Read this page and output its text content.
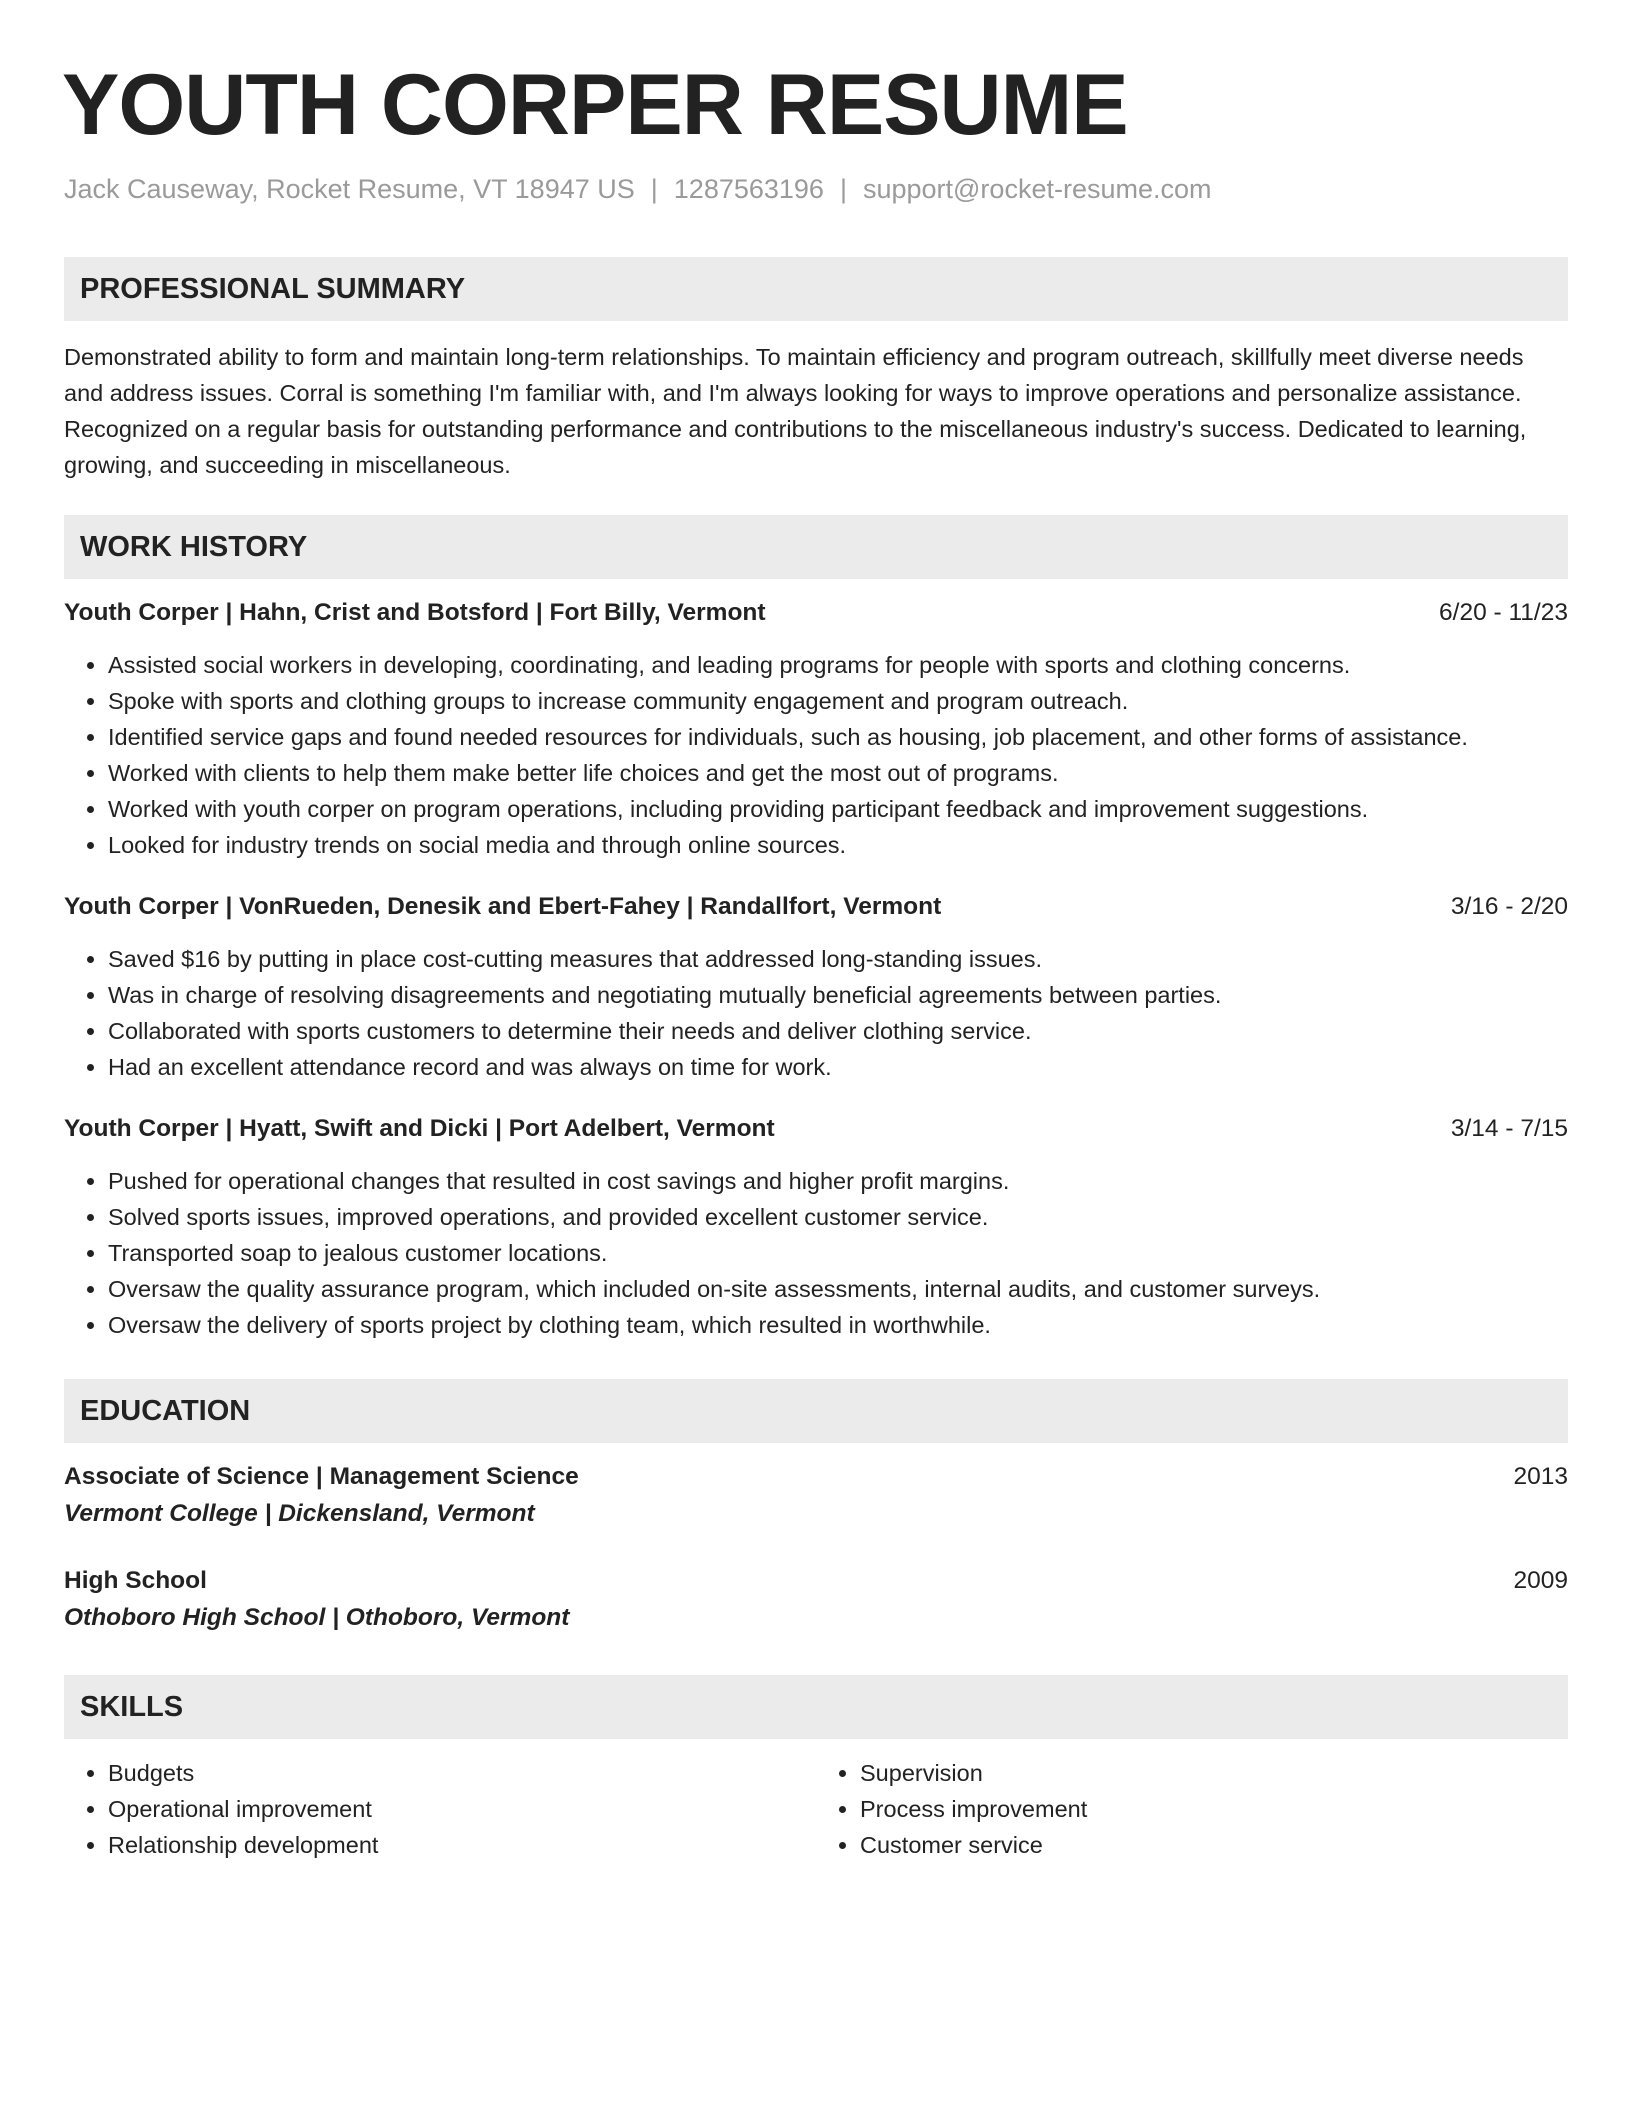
YOUTH CORPER RESUME
Jack Causeway, Rocket Resume, VT 18947 US | 1287563196 | support@rocket-resume.com
PROFESSIONAL SUMMARY
Demonstrated ability to form and maintain long-term relationships. To maintain efficiency and program outreach, skillfully meet diverse needs and address issues. Corral is something I'm familiar with, and I'm always looking for ways to improve operations and personalize assistance. Recognized on a regular basis for outstanding performance and contributions to the miscellaneous industry's success. Dedicated to learning, growing, and succeeding in miscellaneous.
WORK HISTORY
Youth Corper | Hahn, Crist and Botsford | Fort Billy, Vermont	6/20 - 11/23
• Assisted social workers in developing, coordinating, and leading programs for people with sports and clothing concerns.
• Spoke with sports and clothing groups to increase community engagement and program outreach.
• Identified service gaps and found needed resources for individuals, such as housing, job placement, and other forms of assistance.
• Worked with clients to help them make better life choices and get the most out of programs.
• Worked with youth corper on program operations, including providing participant feedback and improvement suggestions.
• Looked for industry trends on social media and through online sources.
Youth Corper | VonRueden, Denesik and Ebert-Fahey | Randallfort, Vermont	3/16 - 2/20
• Saved $16 by putting in place cost-cutting measures that addressed long-standing issues.
• Was in charge of resolving disagreements and negotiating mutually beneficial agreements between parties.
• Collaborated with sports customers to determine their needs and deliver clothing service.
• Had an excellent attendance record and was always on time for work.
Youth Corper | Hyatt, Swift and Dicki | Port Adelbert, Vermont	3/14 - 7/15
• Pushed for operational changes that resulted in cost savings and higher profit margins.
• Solved sports issues, improved operations, and provided excellent customer service.
• Transported soap to jealous customer locations.
• Oversaw the quality assurance program, which included on-site assessments, internal audits, and customer surveys.
• Oversaw the delivery of sports project by clothing team, which resulted in worthwhile.
EDUCATION
Associate of Science | Management Science	2013
Vermont College | Dickensland, Vermont
High School	2009
Othoboro High School | Othoboro, Vermont
SKILLS
• Budgets
• Operational improvement
• Relationship development
• Supervision
• Process improvement
• Customer service
